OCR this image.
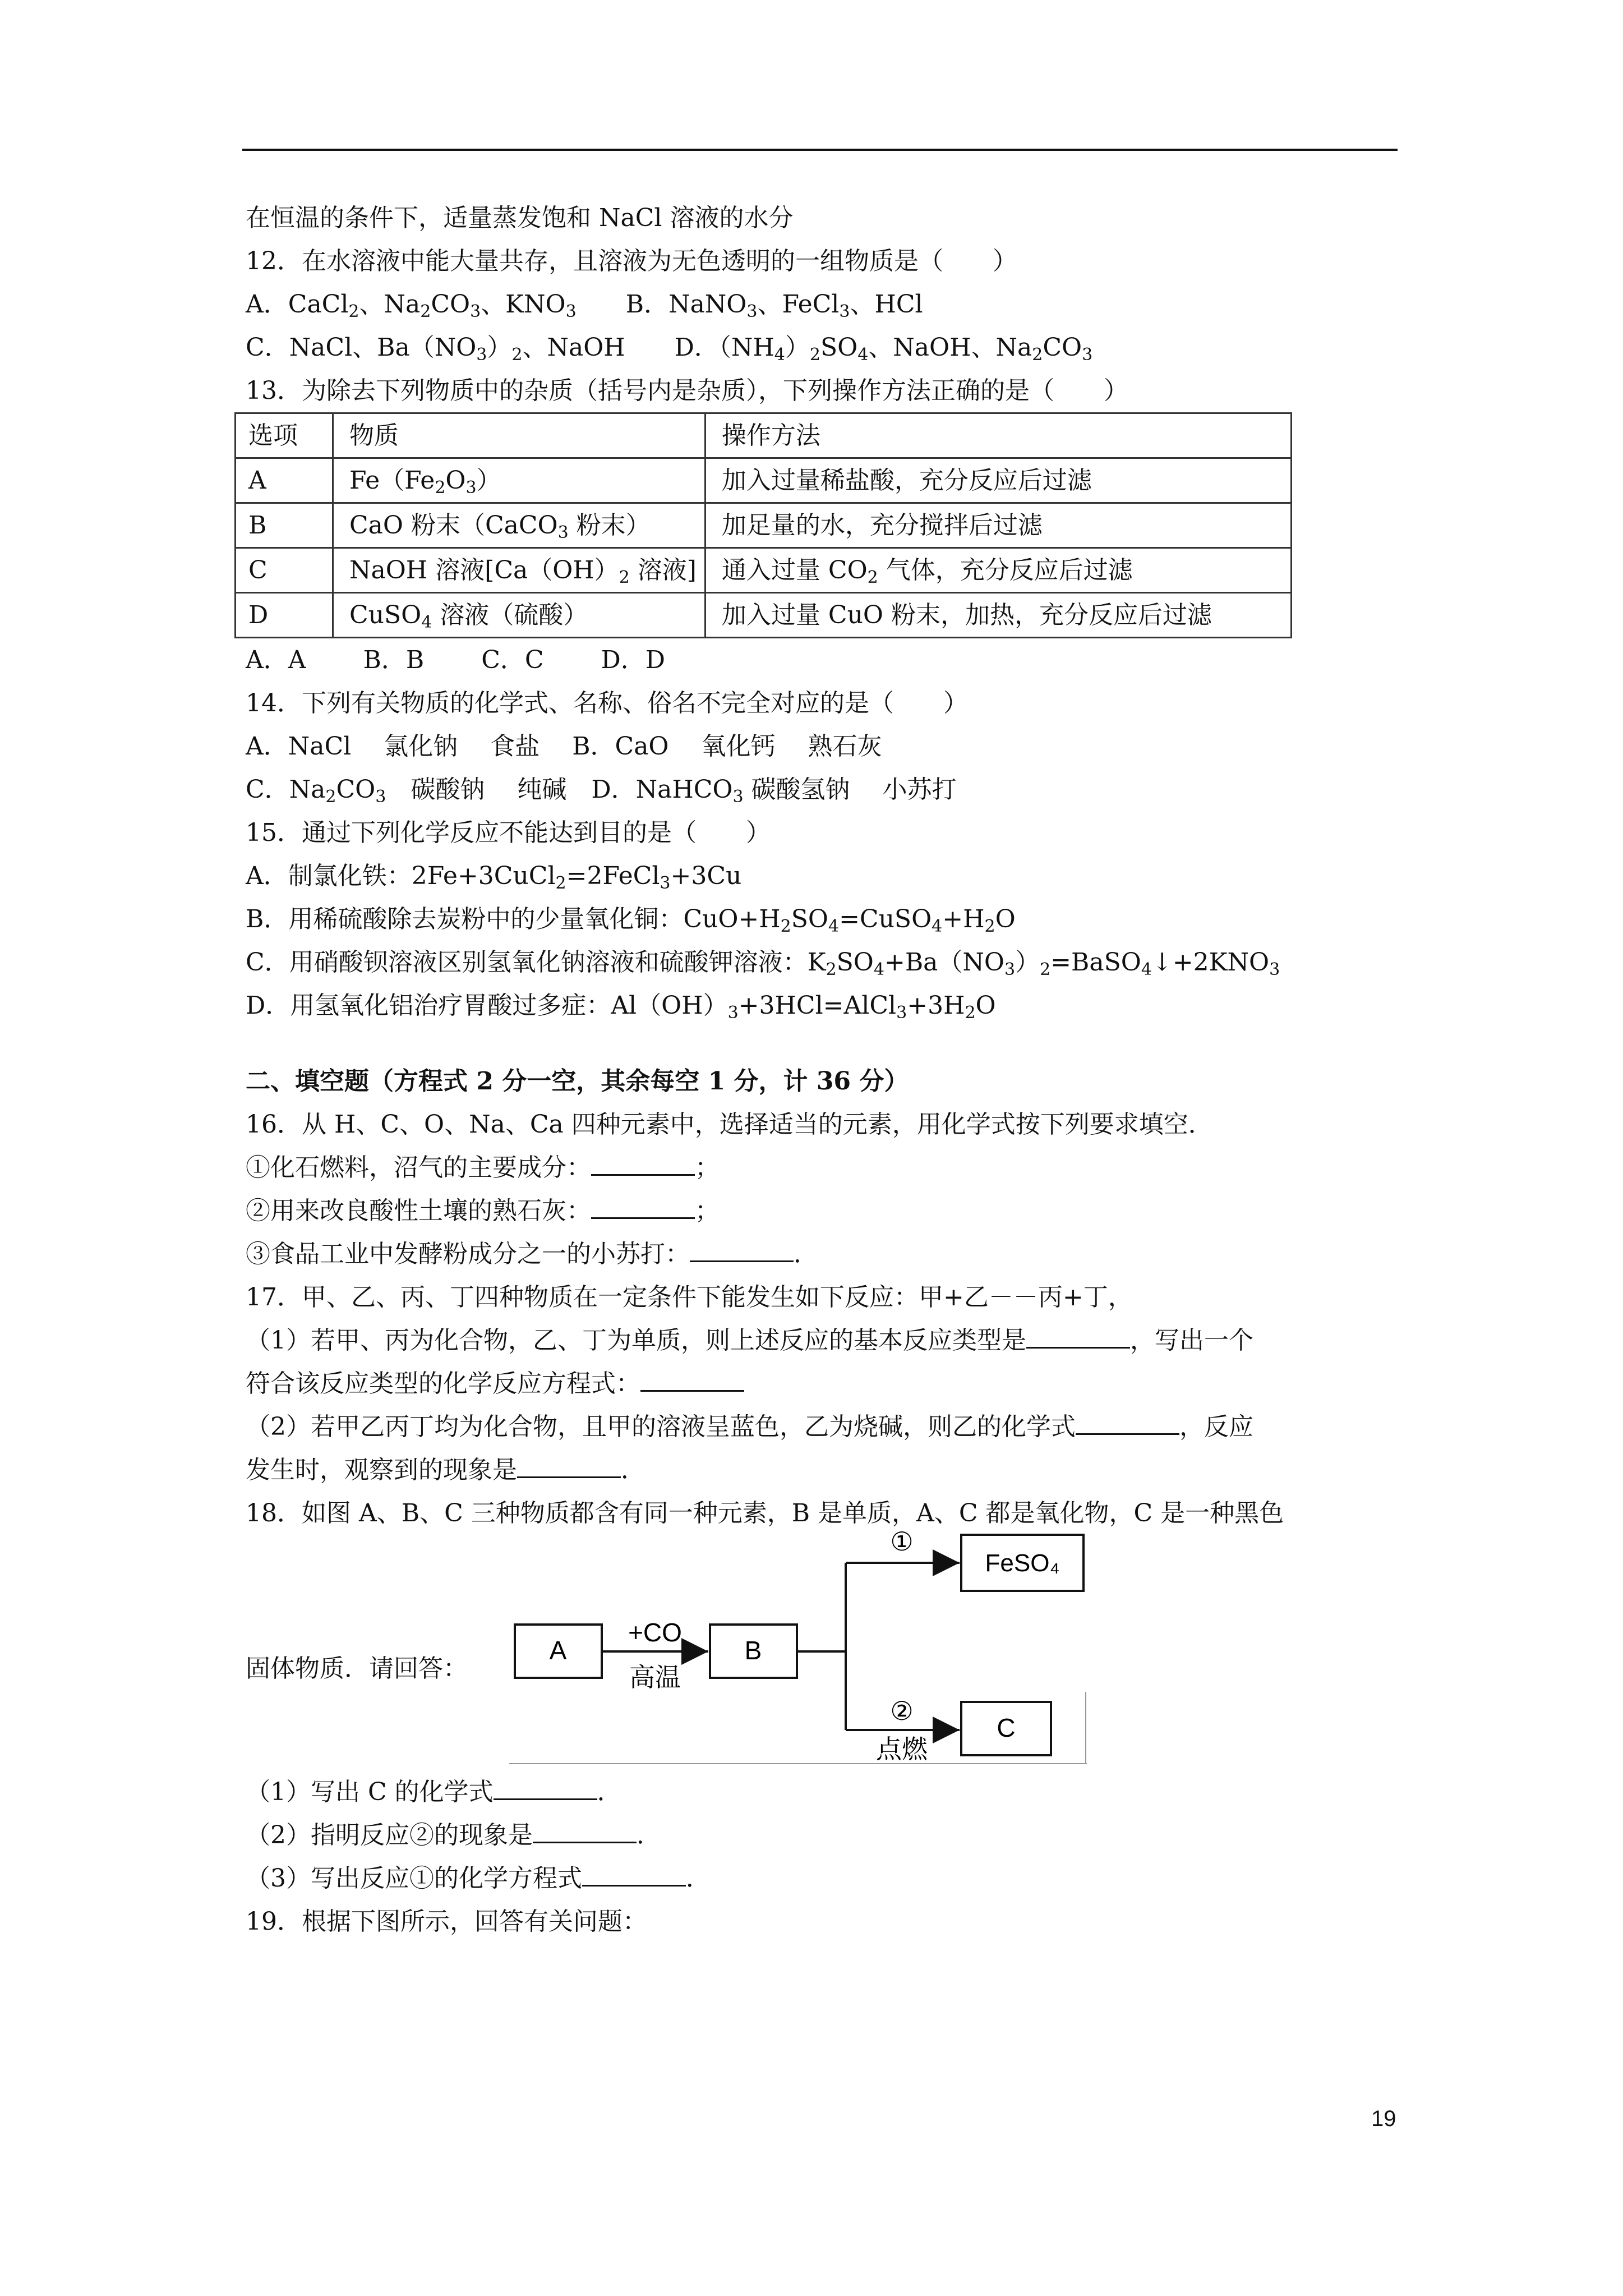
在恒温的条件下，适量蒸发饱和 NaCl 溶液的水分
12．在水溶液中能大量共存，且溶液为无色透明的一组物质是（　　）
A．CaCl$_2$、$Na_2CO_3$、$KNO_3$　　B．NaNO$_3$、FeCl$_3$、HCl
C．NaCl、$Ba(NO_3)_2$、NaOH　　D．$(NH_4)_2SO_4$、NaOH、$Na_2CO_3$
13．为除去下列物质中的杂质（括号内是杂质），下列操作方法正确的是（　　）
选项	物质	操作方法
A	$Fe(Fe_2O_3)$	加入过量稀盐酸，充分反应后过滤
B	CaO 粉末（CaCO$_3$ 粉末）	加足量的水，充分搅拌后过滤
C	NaOH 溶液[$Ca(OH)_2$ 溶液]	通入过量 $CO_2$ 气体，充分反应后过滤
D	CuSO$_4$ 溶液（硫酸）	加入过量 CuO 粉末，加热，充分反应后过滤
A．A　　 B．B　　 C．C　　 D．D
14．下列有关物质的化学式、名称、俗名不完全对应的是（　　）
A．NaCl　 氯化钠　 食盐　 B．CaO　 氧化钙　 熟石灰
C．$Na_2CO_3$　碳酸钠　 纯碱　D．NaHCO$_3$ 碳酸氢钠　 小苏打
15．通过下列化学反应不能达到目的是（　　）
A．制氯化铁：2Fe+3CuCl$_2$=2FeCl$_3$+3Cu
B．用稀硫酸除去炭粉中的少量氧化铜：$CuO+H_2SO_4=CuSO_4+H_2O$
C．用硝酸钡溶液区别氢氧化钠溶液和硫酸钾溶液：$K_2SO_4+Ba(NO_3)_2=BaSO_4↓+2KNO_3$
D．用氢氧化铝治疗胃酸过多症：$Al(OH)_3+3HCl=AlCl_3+3H_2O$
二、填空题（方程式 2 分一空，其余每空 1 分，计 36 分）
16．从 H、C、O、Na、Ca 四种元素中，选择适当的元素，用化学式按下列要求填空．
①化石燃料，沼气的主要成分：	；
②用来改良酸性土壤的熟石灰：	；
③食品工业中发酵粉成分之一的小苏打：	．
17．甲、乙、丙、丁四种物质在一定条件下能发生如下反应：甲+乙－－丙+丁，
（1）若甲、丙为化合物，乙、丁为单质，则上述反应的基本反应类型是	，写出一个
符合该反应类型的化学反应方程式：
（2）若甲乙丙丁均为化合物，且甲的溶液呈蓝色，乙为烧碱，则乙的化学式	，反应
发生时，观察到的现象是	．
18．如图 A、B、C 三种物质都含有同一种元素，B 是单质，A、C 都是氧化物，C 是一种黑色
固体物质．请回答：
A
+CO
高温
B
①
②
点燃
FeSO₄
C
（1）写出 C 的化学式	．
（2）指明反应②的现象是	．
（3）写出反应①的化学方程式	．
19．根据下图所示，回答有关问题：
19
